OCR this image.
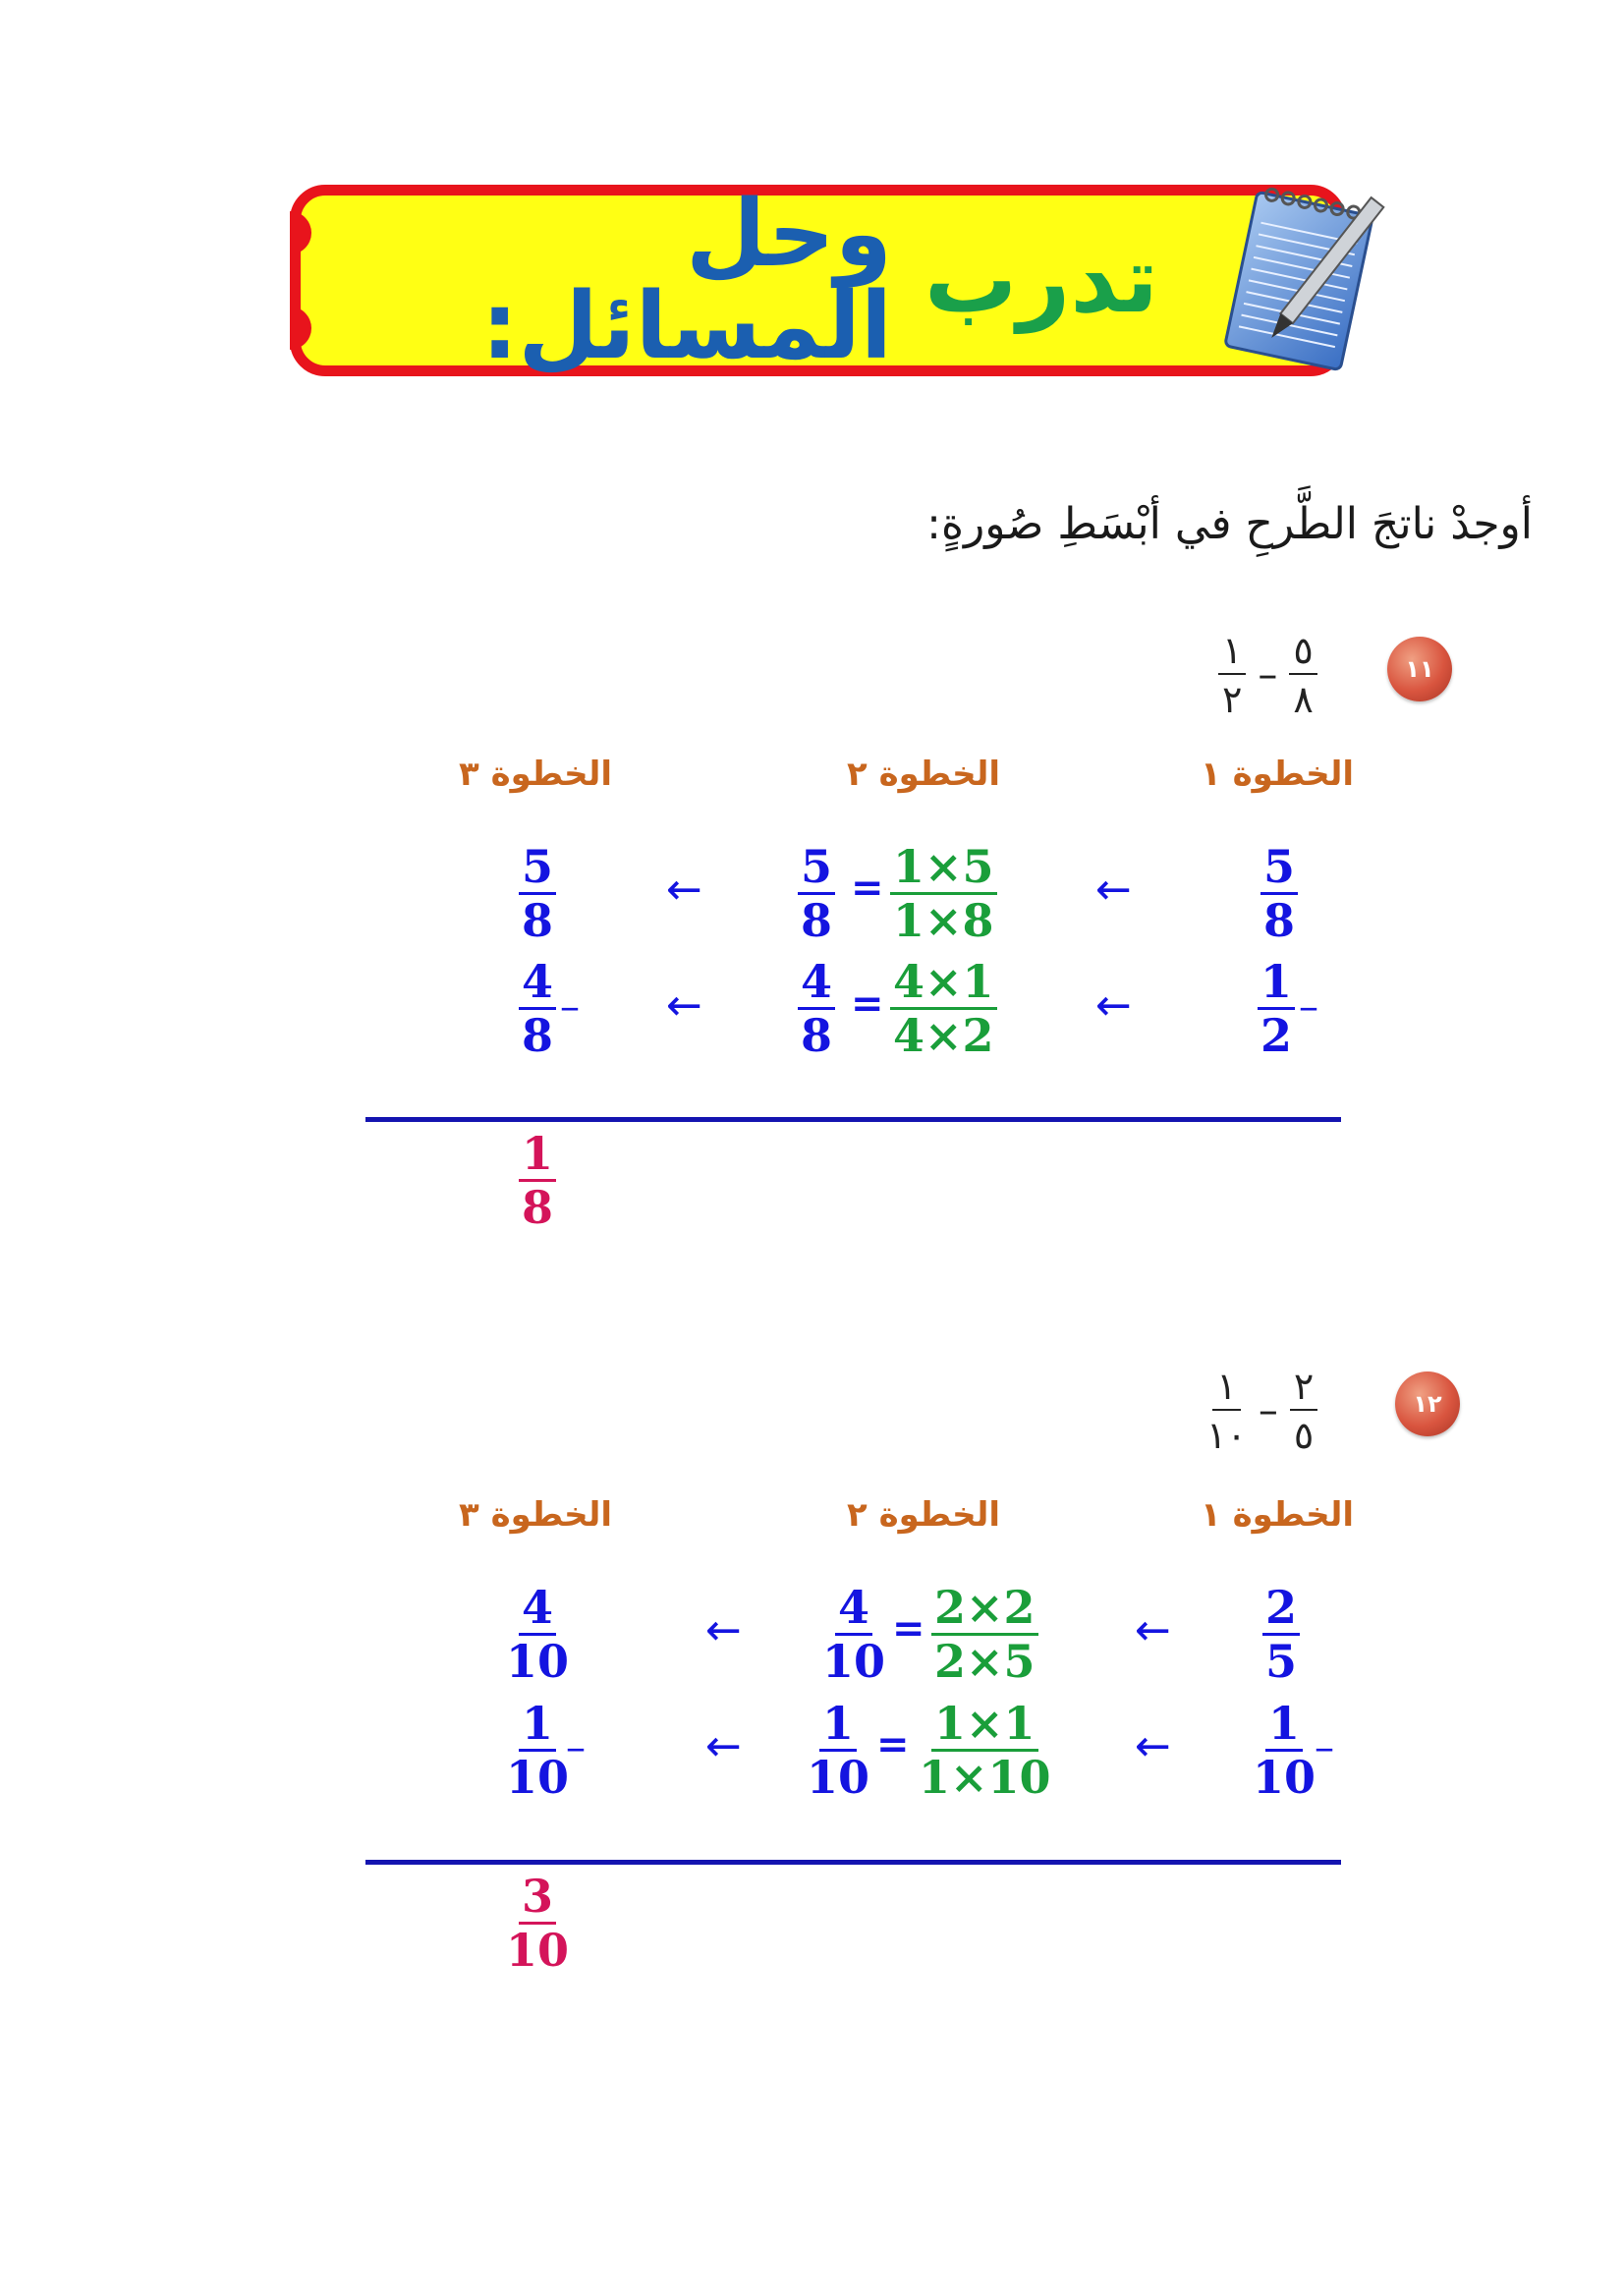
تدرب

وحل المسائل:
أوجدْ ناتجَ الطَّرحِ في أبْسَطِ صُورةٍ:
١١
١
٢
–
٥
٨
الخطوة ١
الخطوة ٢
الخطوة ٣
$\frac{5}{8}$
←
$\frac{1\times 5}{1\times 8}$
=
$\frac{5}{8}$
←
$\frac{5}{8}$
$\frac{1}{2}$ –
←
$\frac{4\times 1}{4\times 2}$
=
$\frac{4}{8}$
←
$\frac{4}{8}$ –
$\frac{1}{8}$
١٢
١
١٠
–
٢
٥
الخطوة ١
الخطوة ٢
الخطوة ٣
$\frac{2}{5}$
←
$\frac{2\times 2}{2\times 5}$
=
$\frac{4}{10}$
←
$\frac{4}{10}$
$\frac{1}{10}$
–
←
$\frac{1\times 1}{1\times 10}$
=
$\frac{1}{10}$
←
$\frac{1}{10}$
–
$\frac{3}{10}$
